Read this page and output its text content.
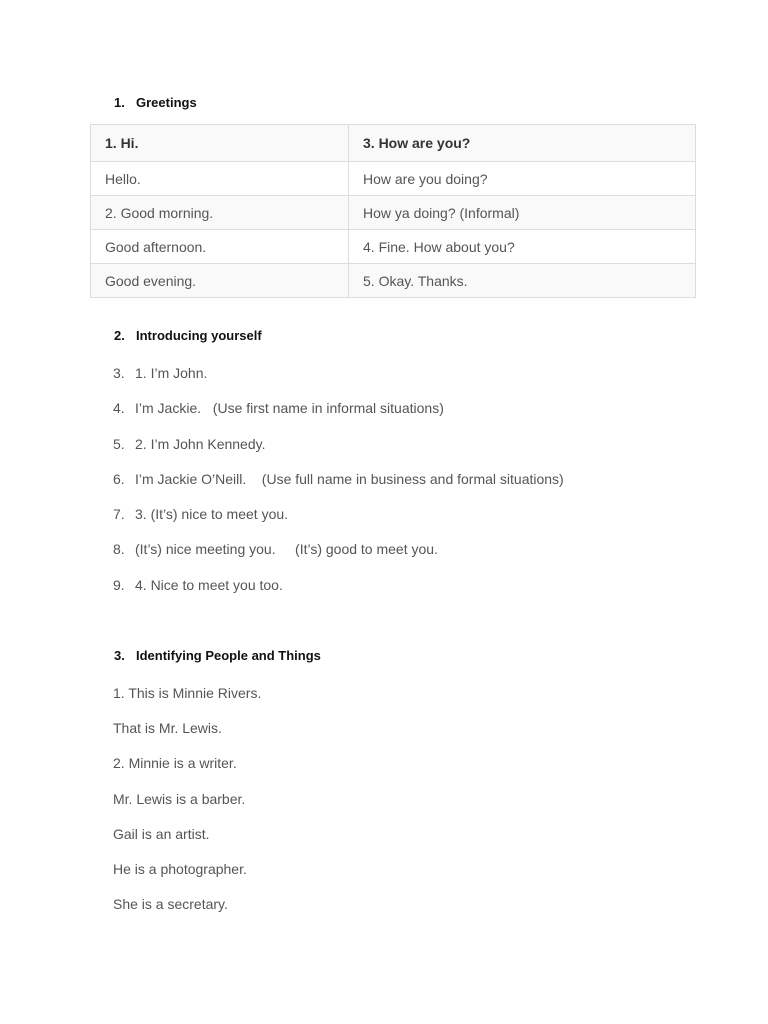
1. Greetings
1. Hi.	3. How are you?
Hello.	How are you doing?
2. Good morning.	How ya doing? (Informal)
Good afternoon.	4. Fine. How about you?
Good evening.	5. Okay. Thanks.
2. Introducing yourself
3. 1. I’m John.
4. I’m Jackie.   (Use first name in informal situations)
5. 2. I’m John Kennedy.
6. I’m Jackie O’Neill.    (Use full name in business and formal situations)
7. 3. (It’s) nice to meet you.
8. (It’s) nice meeting you.     (It’s) good to meet you.
9. 4. Nice to meet you too.
3. Identifying People and Things
1. This is Minnie Rivers.
That is Mr. Lewis.
2. Minnie is a writer.
Mr. Lewis is a barber.
Gail is an artist.
He is a photographer.
She is a secretary.
